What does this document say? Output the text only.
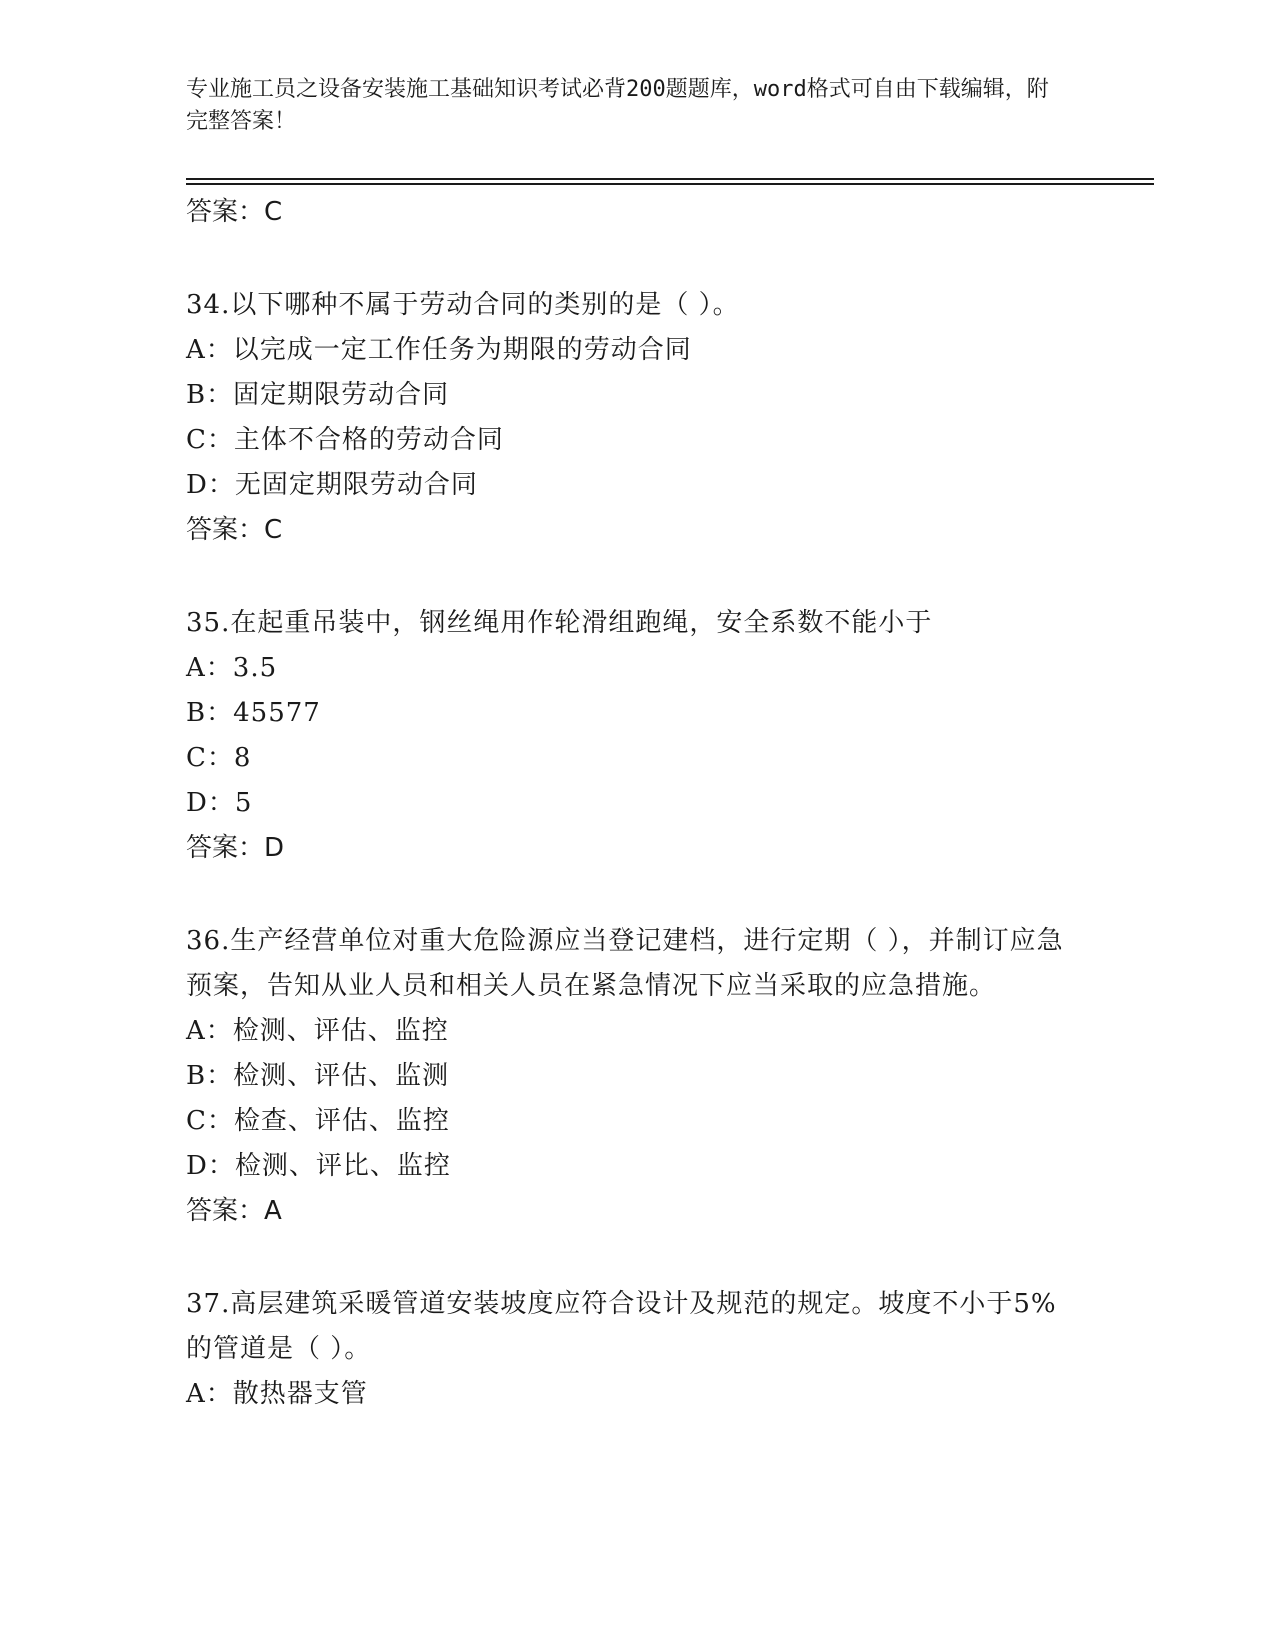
专业施工员之设备安装施工基础知识考试必背200题题库，word格式可自由下载编辑，附完整答案！
答案：C
34.以下哪种不属于劳动合同的类别的是（ ）。
A：以完成一定工作任务为期限的劳动合同
B：固定期限劳动合同
C：主体不合格的劳动合同
D：无固定期限劳动合同
答案：C
35.在起重吊装中，钢丝绳用作轮滑组跑绳，安全系数不能小于
A：3.5
B：45577
C：8
D：5
答案：D
36.生产经营单位对重大危险源应当登记建档，进行定期（ ），并制订应急预案，告知从业人员和相关人员在紧急情况下应当采取的应急措施。
A：检测、评估、监控
B：检测、评估、监测
C：检查、评估、监控
D：检测、评比、监控
答案：A
37.高层建筑采暖管道安装坡度应符合设计及规范的规定。坡度不小于5%的管道是（ ）。
A：散热器支管
